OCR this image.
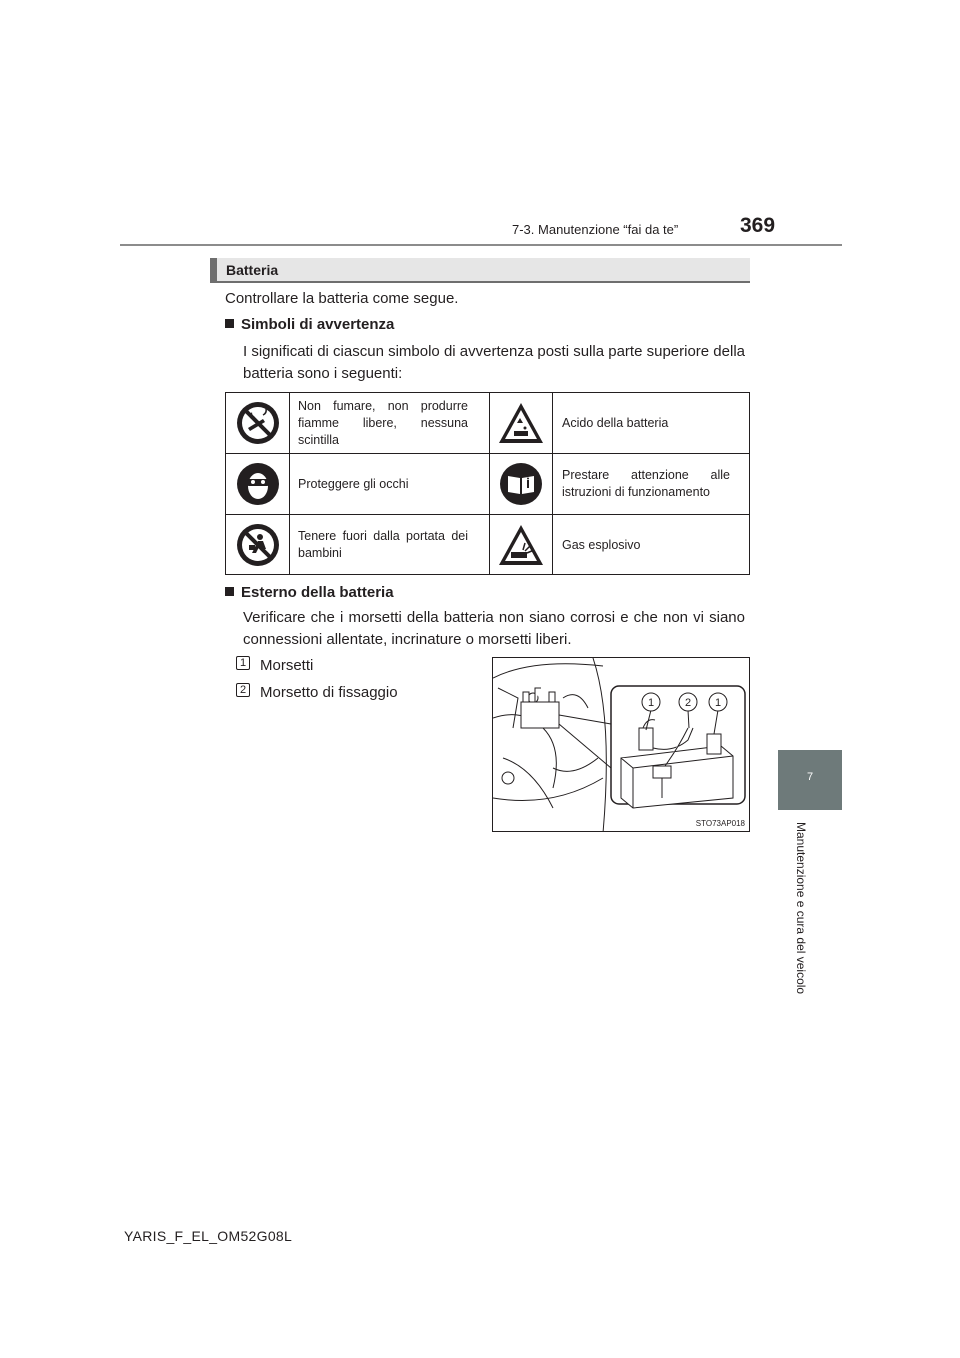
7-3. Manutenzione “fai da te”	369
Batteria
Controllare la batteria come segue.
Simboli di avvertenza
I significati di ciascun simbolo di avvertenza posti sulla parte superiore della batteria sono i seguenti:
Non fumare, non produrre fiamme libere, nessuna scintilla
Acido della batteria
Proteggere gli occhi
Prestare attenzione alle istruzioni di funzionamento
Tenere fuori dalla portata dei bambini
Gas esplosivo
Esterno della batteria
Verificare che i morsetti della batteria non siano corrosi e che non vi siano connessioni allentate, incrinature o morsetti liberi.
1 Morsetti
2 Morsetto di fissaggio
1	2 1
STO73AP018
7
Manutenzione e cura del veicolo
YARIS_F_EL_OM52G08L
